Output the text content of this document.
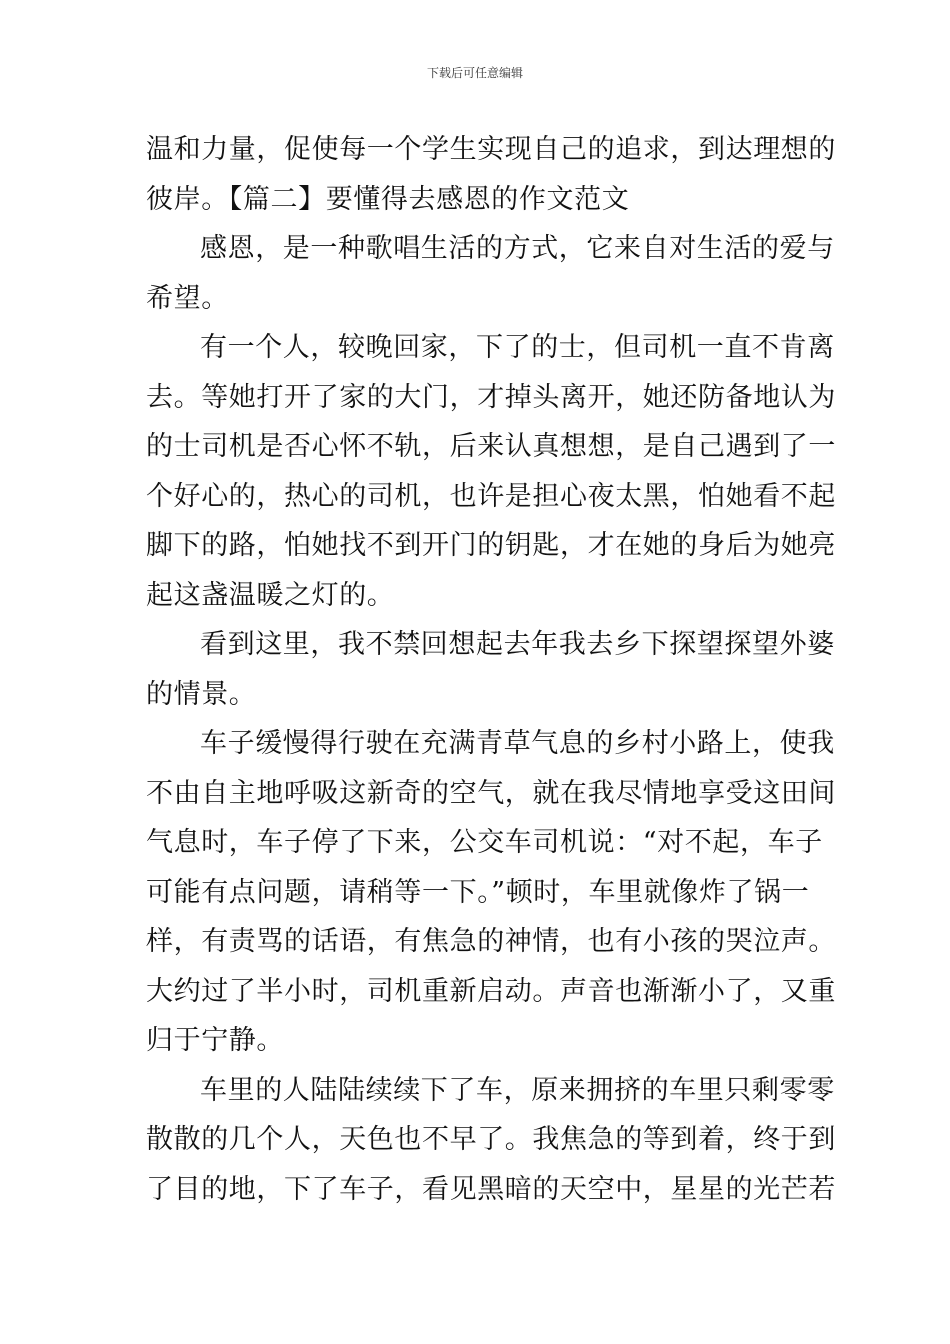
下载后可任意编辑
温和力量，促使每一个学生实现自己的追求，到达理想的
彼岸。【篇二】要懂得去感恩的作文范文
感恩，是一种歌唱生活的方式，它来自对生活的爱与
希望。
有一个人，较晚回家，下了的士，但司机一直不肯离
去。等她打开了家的大门，才掉头离开，她还防备地认为
的士司机是否心怀不轨，后来认真想想，是自己遇到了一
个好心的，热心的司机，也许是担心夜太黑，怕她看不起
脚下的路，怕她找不到开门的钥匙，才在她的身后为她亮
起这盏温暖之灯的。
看到这里，我不禁回想起去年我去乡下探望探望外婆
的情景。
车子缓慢得行驶在充满青草气息的乡村小路上，使我
不由自主地呼吸这新奇的空气，就在我尽情地享受这田间
气息时，车子停了下来，公交车司机说：“对不起，车子
可能有点问题，请稍等一下。”顿时，车里就像炸了锅一
样，有责骂的话语，有焦急的神情，也有小孩的哭泣声。
大约过了半小时，司机重新启动。声音也渐渐小了，又重
归于宁静。
车里的人陆陆续续下了车，原来拥挤的车里只剩零零
散散的几个人，天色也不早了。我焦急的等到着，终于到
了目的地，下了车子，看见黑暗的天空中，星星的光芒若
